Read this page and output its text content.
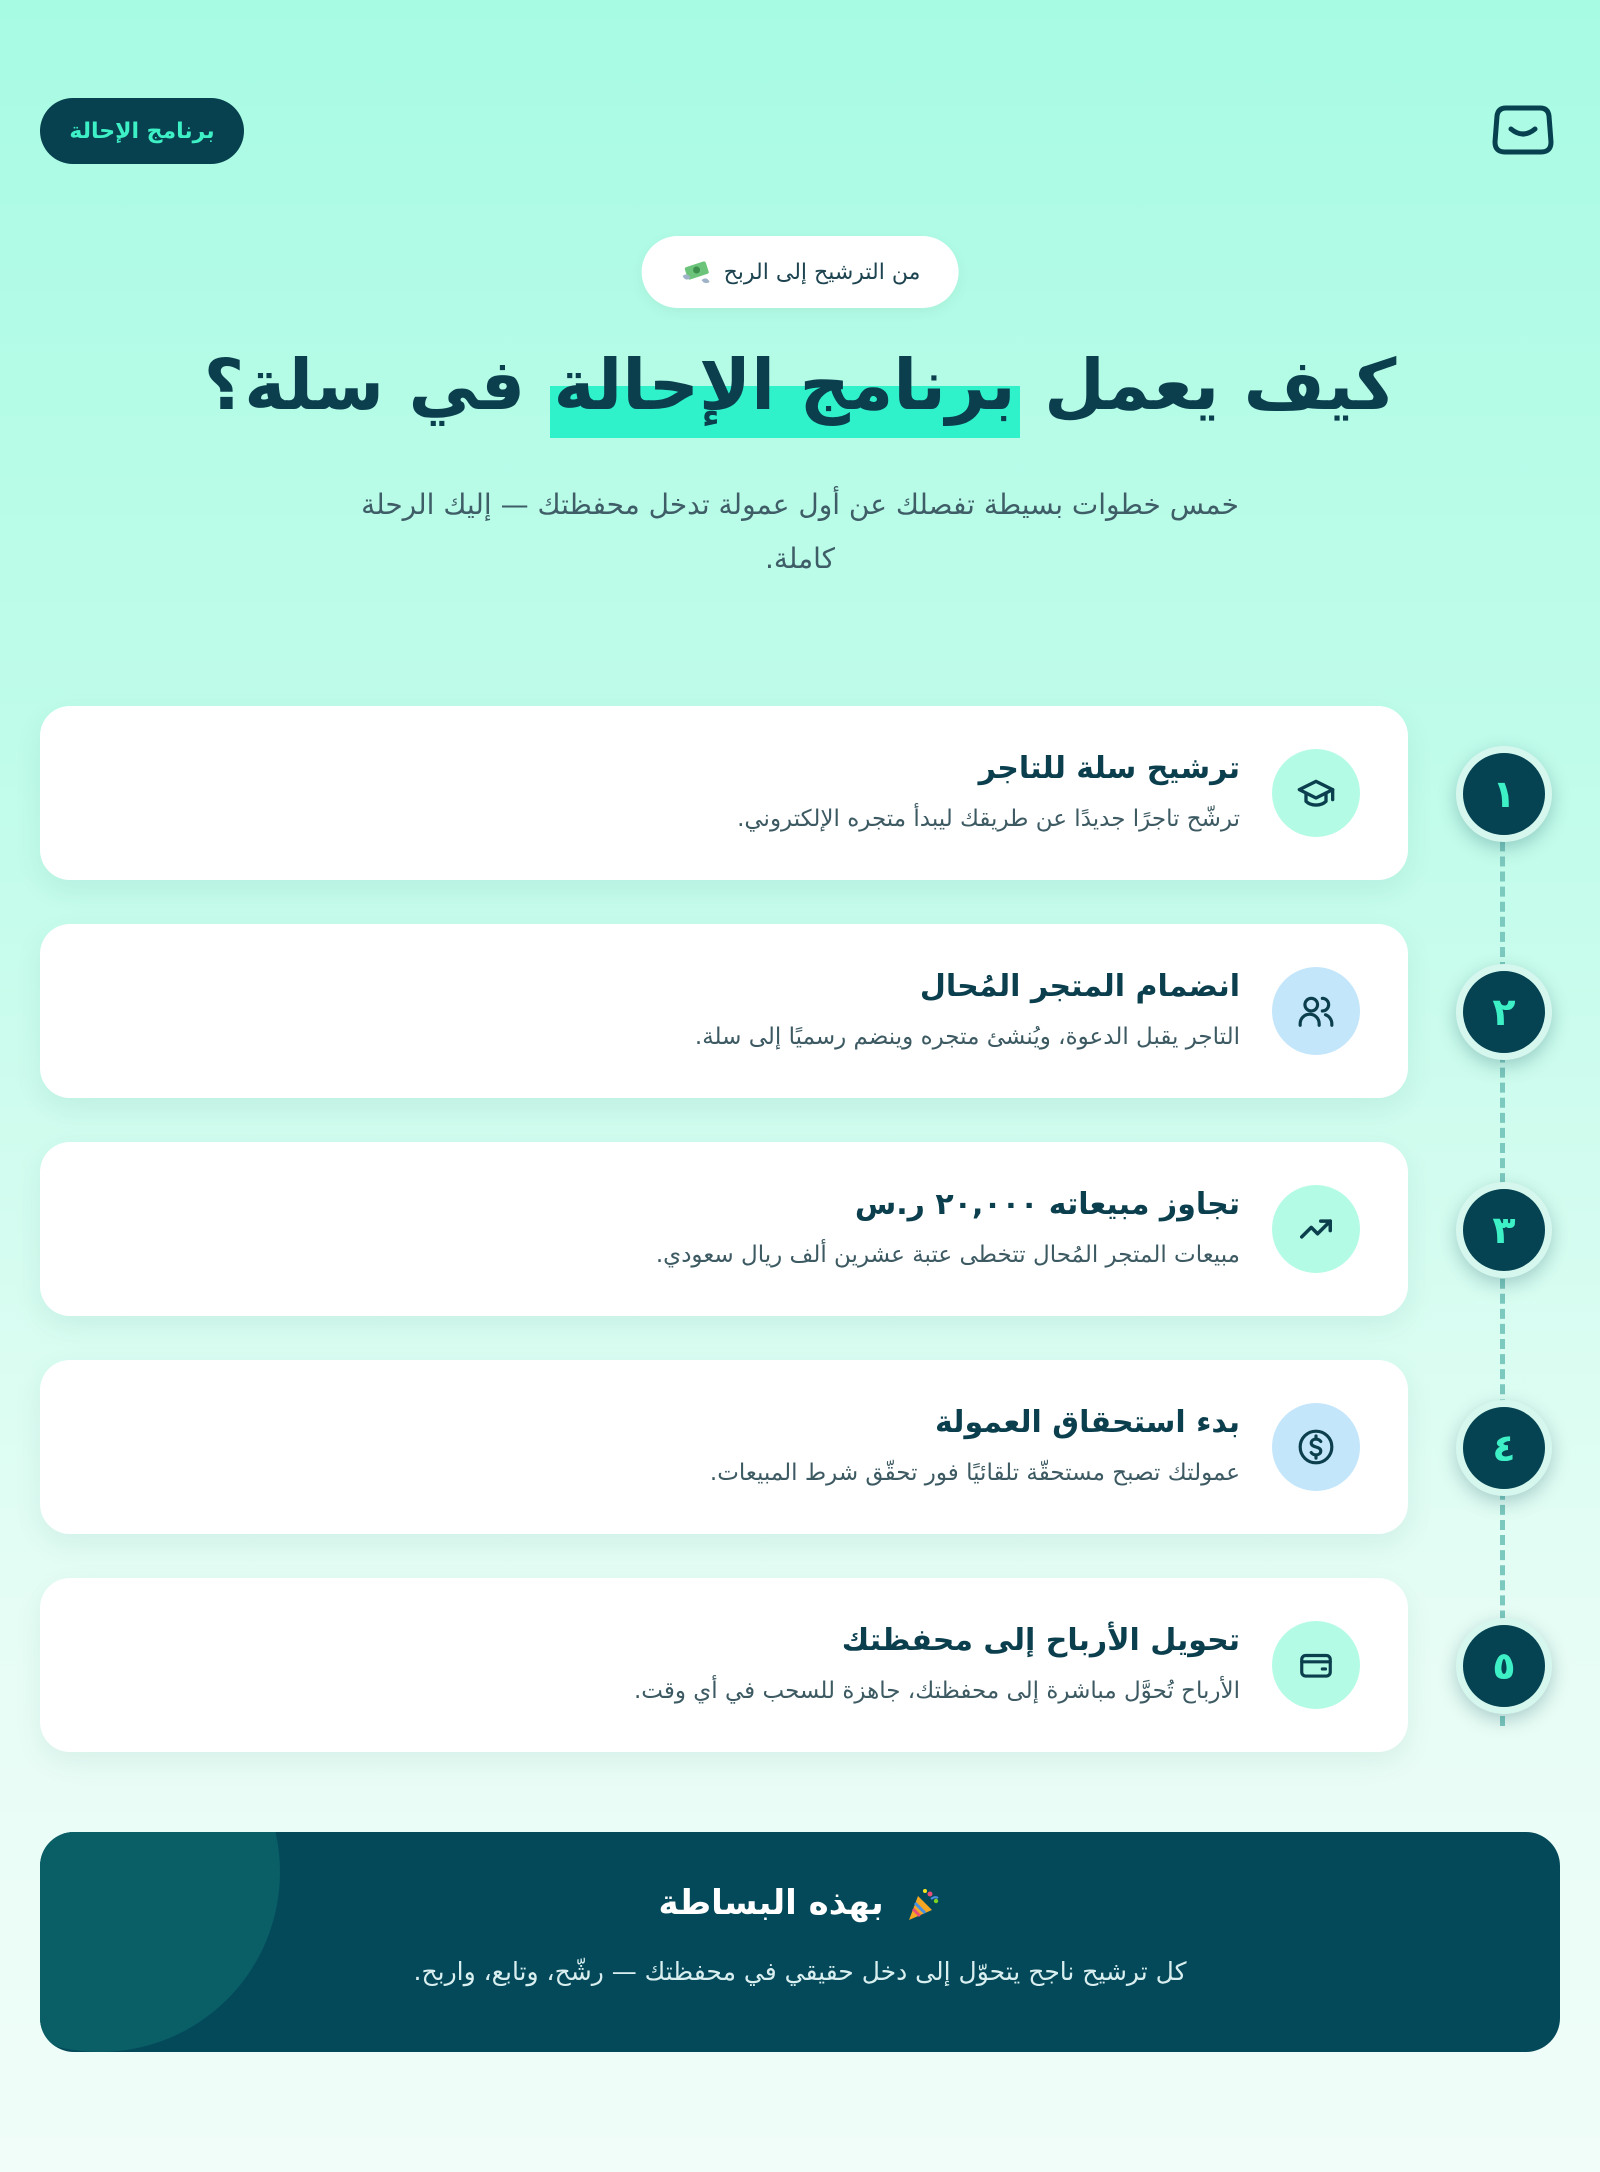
برنامج الإحالة
من الترشيح إلى الربح
كيف يعمل برنامج الإحالة في سلة؟

خمس خطوات بسيطة تفصلك عن أول عمولة تدخل محفظتك — إليك الرحلة كاملة.

ترشيح سلة للتاجر
ترشّح تاجرًا جديدًا عن طريقك ليبدأ متجره الإلكتروني.
١
انضمام المتجر المُحال
التاجر يقبل الدعوة، ويُنشئ متجره وينضم رسميًا إلى سلة.
٢
تجاوز مبيعاته ٢٠,٠٠٠ ر.س
مبيعات المتجر المُحال تتخطى عتبة عشرين ألف ريال سعودي.
٣
بدء استحقاق العمولة
عمولتك تصبح مستحقّة تلقائيًا فور تحقّق شرط المبيعات.
٤
تحويل الأرباح إلى محفظتك
الأرباح تُحوَّل مباشرة إلى محفظتك، جاهزة للسحب في أي وقت.
٥
بهذه البساطة
كل ترشيح ناجح يتحوّل إلى دخل حقيقي في محفظتك — رشّح، وتابع، واربح.
